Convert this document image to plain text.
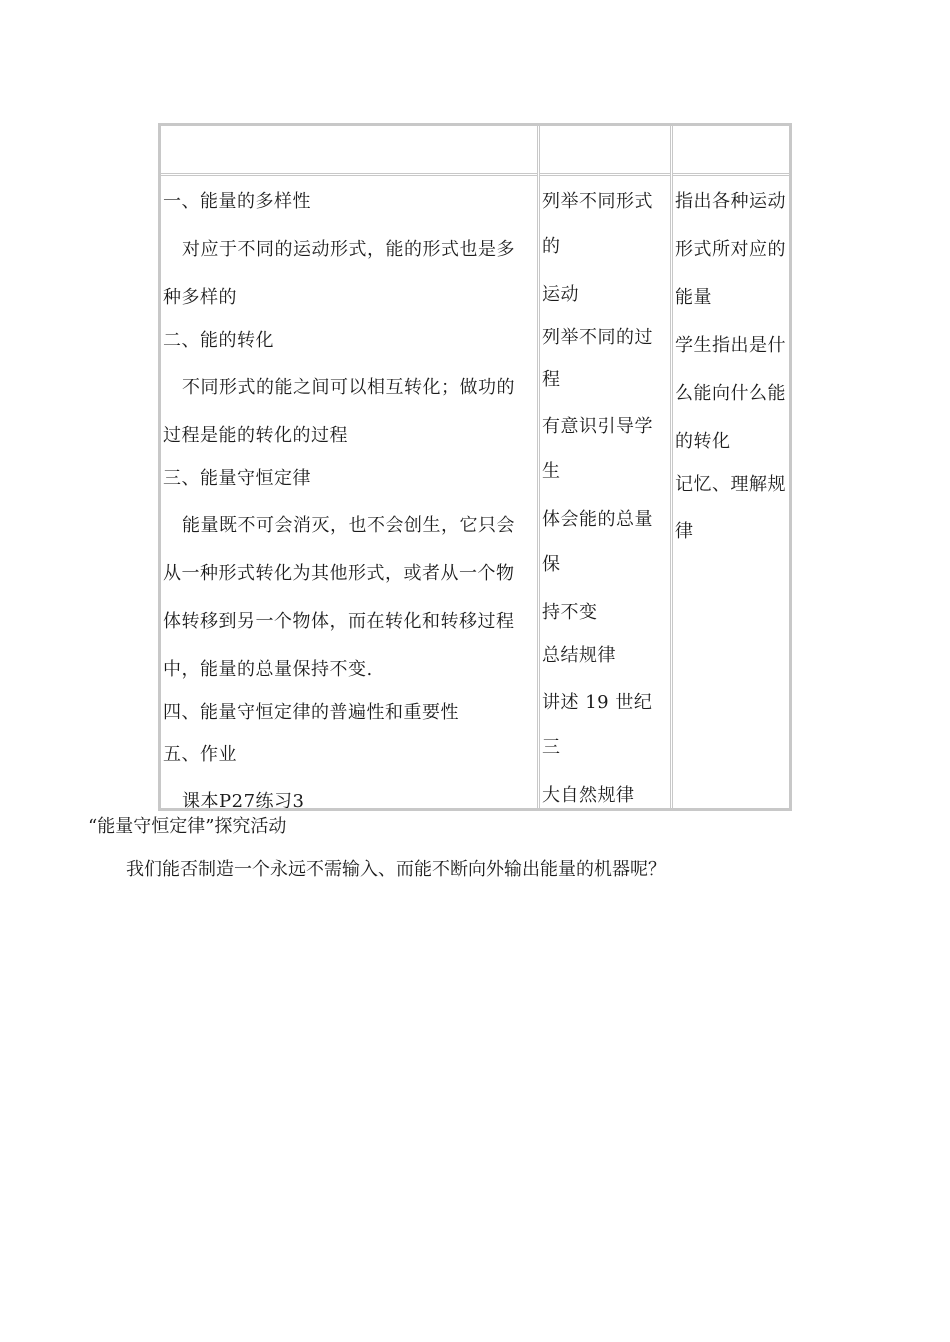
一、能量的多样性

对应于不同的运动形式，能的形式也是多

种多样的

二、能的转化

不同形式的能之间可以相互转化；做功的

过程是能的转化的过程

三、能量守恒定律

能量既不可会消灭，也不会创生，它只会

从一种形式转化为其他形式，或者从一个物

体转移到另一个物体，而在转化和转移过程

中，能量的总量保持不变.

四、能量守恒定律的普遍性和重要性

五、作业

课本P27练习3

列举不同形式的

运动

列举不同的过程

有意识引导学生

体会能的总量保

持不变

总结规律

讲述 19 世纪三

大自然规律

指出各种运动

形式所对应的

能量

学生指出是什

么能向什么能

的转化

记忆、理解规

律

“能量守恒定律”探究活动
我们能否制造一个永远不需输入、而能不断向外输出能量的机器呢？
